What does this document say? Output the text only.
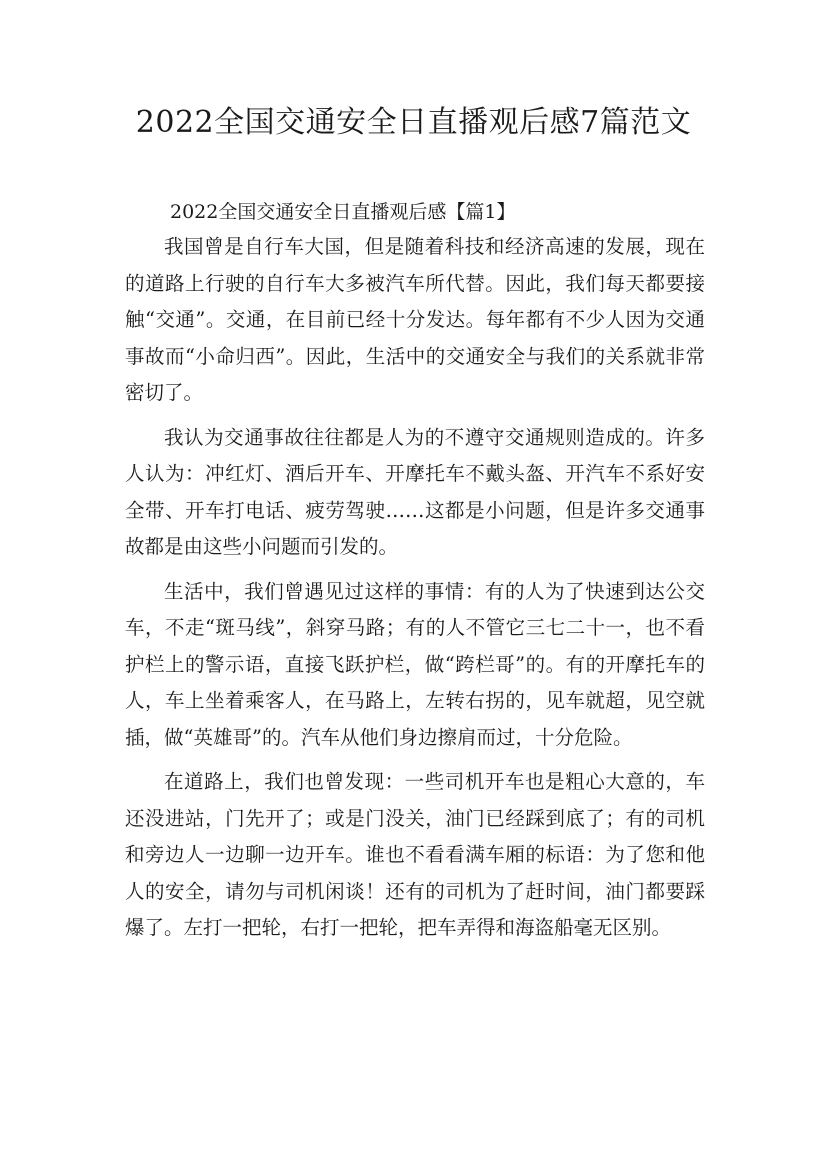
2022全国交通安全日直播观后感7篇范文

2022全国交通安全日直播观后感【篇1】

我国曾是自行车大国，但是随着科技和经济高速的发展，现在的道路上行驶的自行车大多被汽车所代替。因此，我们每天都要接触“交通”。交通，在目前已经十分发达。每年都有不少人因为交通事故而“小命归西”。因此，生活中的交通安全与我们的关系就非常密切了。

我认为交通事故往往都是人为的不遵守交通规则造成的。许多人认为：冲红灯、酒后开车、开摩托车不戴头盔、开汽车不系好安全带、开车打电话、疲劳驾驶……这都是小问题，但是许多交通事故都是由这些小问题而引发的。

生活中，我们曾遇见过这样的事情：有的人为了快速到达公交车，不走“斑马线”，斜穿马路；有的人不管它三七二十一，也不看护栏上的警示语，直接飞跃护栏，做“跨栏哥”的。有的开摩托车的人，车上坐着乘客人，在马路上，左转右拐的，见车就超，见空就插，做“英雄哥”的。汽车从他们身边擦肩而过，十分危险。

在道路上，我们也曾发现：一些司机开车也是粗心大意的，车还没进站，门先开了；或是门没关，油门已经踩到底了；有的司机和旁边人一边聊一边开车。谁也不看看满车厢的标语：为了您和他人的安全，请勿与司机闲谈！还有的司机为了赶时间，油门都要踩爆了。左打一把轮，右打一把轮，把车弄得和海盗船毫无区别。
